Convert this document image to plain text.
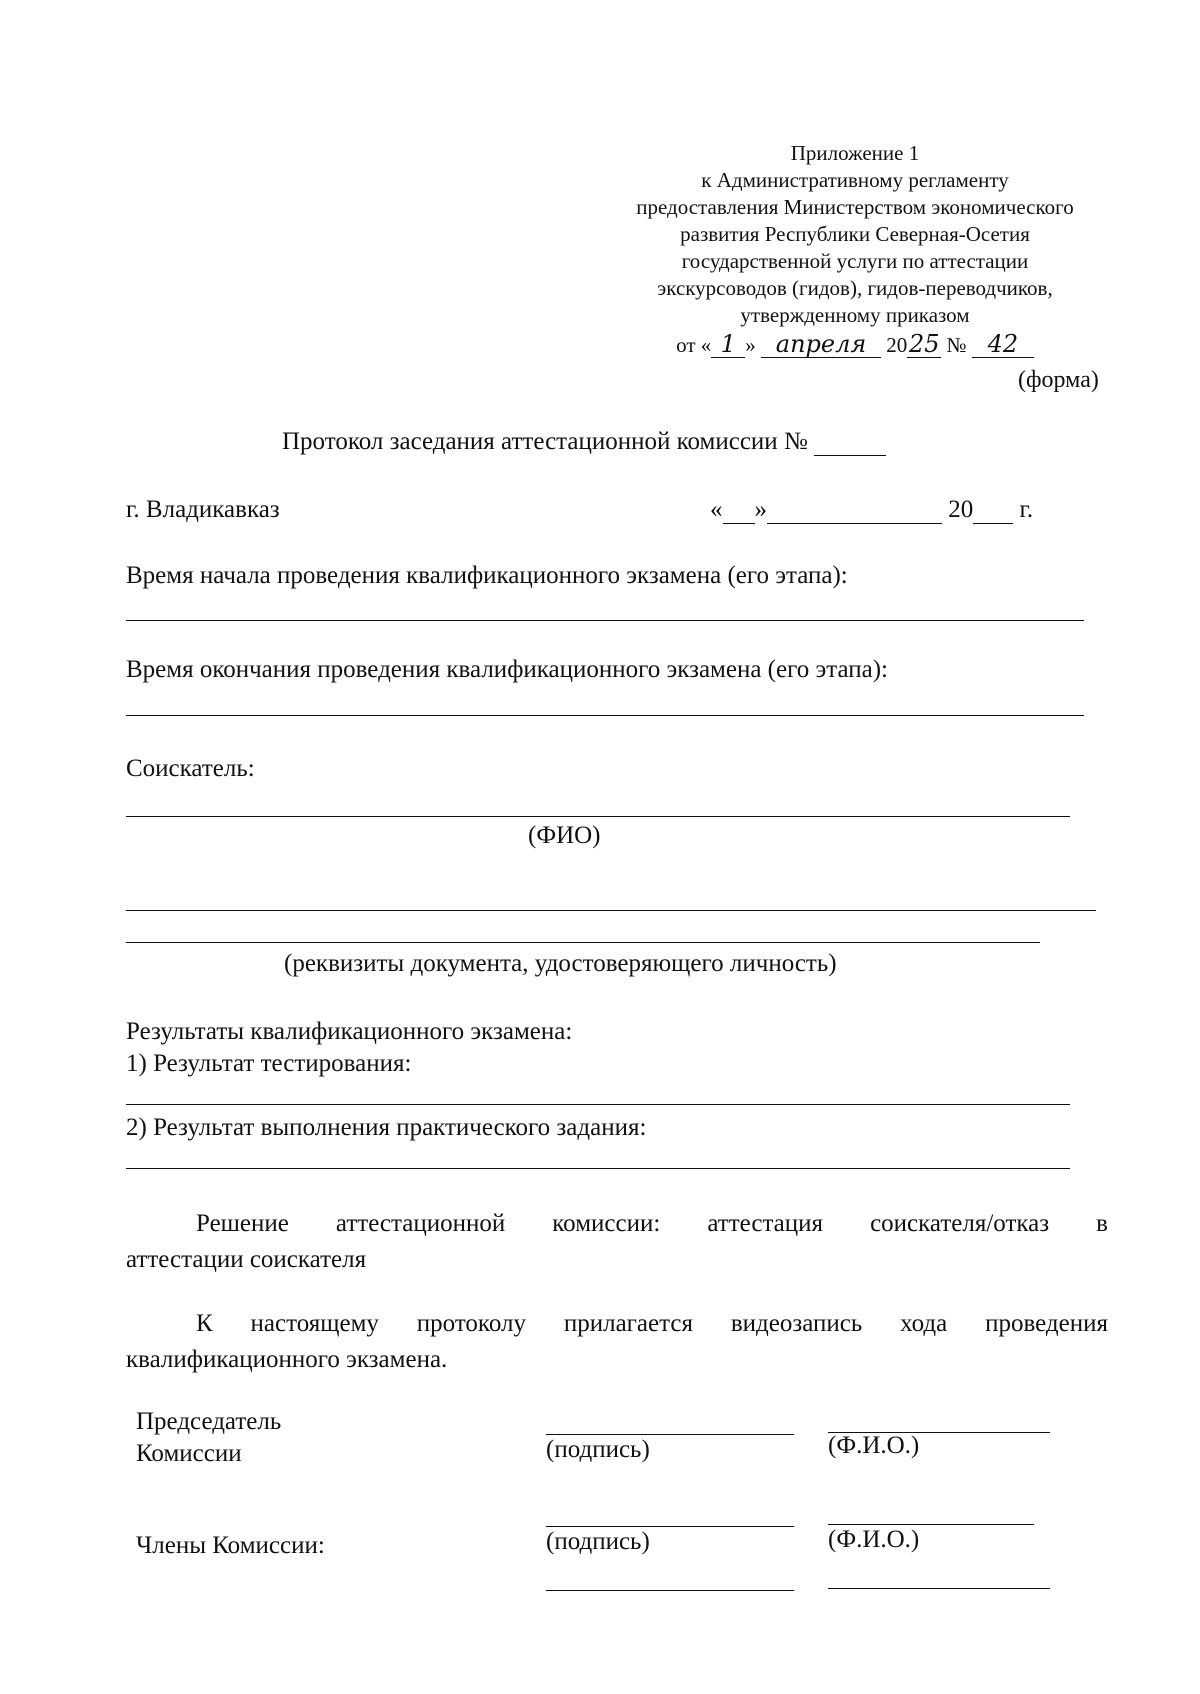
Приложение 1
к Административному регламенту
предоставления Министерством экономического
развития Республики Северная-Осетия
государственной услуги по аттестации
экскурсоводов (гидов), гидов-переводчиков,
утвержденному приказом
от « 1 » апреля 2025 № 42
(форма)
Протокол заседания аттестационной комиссии №
г. Владикавказ	« »	20 г.
Время начала проведения квалификационного экзамена (его этапа):
Время окончания проведения квалификационного экзамена (его этапа):
Соискатель:
(ФИО)
(реквизиты документа, удостоверяющего личность)
Результаты квалификационного экзамена:
1) Результат тестирования:
2) Результат выполнения практического задания:
Решение аттестационной комиссии: аттестация соискателя/отказ в
аттестации соискателя
К настоящему протоколу прилагается видеозапись хода проведения
квалификационного экзамена.
Председатель
Комиссии	(подпись)	(Ф.И.О.)
Члены Комиссии:	(подпись)	(Ф.И.О.)
